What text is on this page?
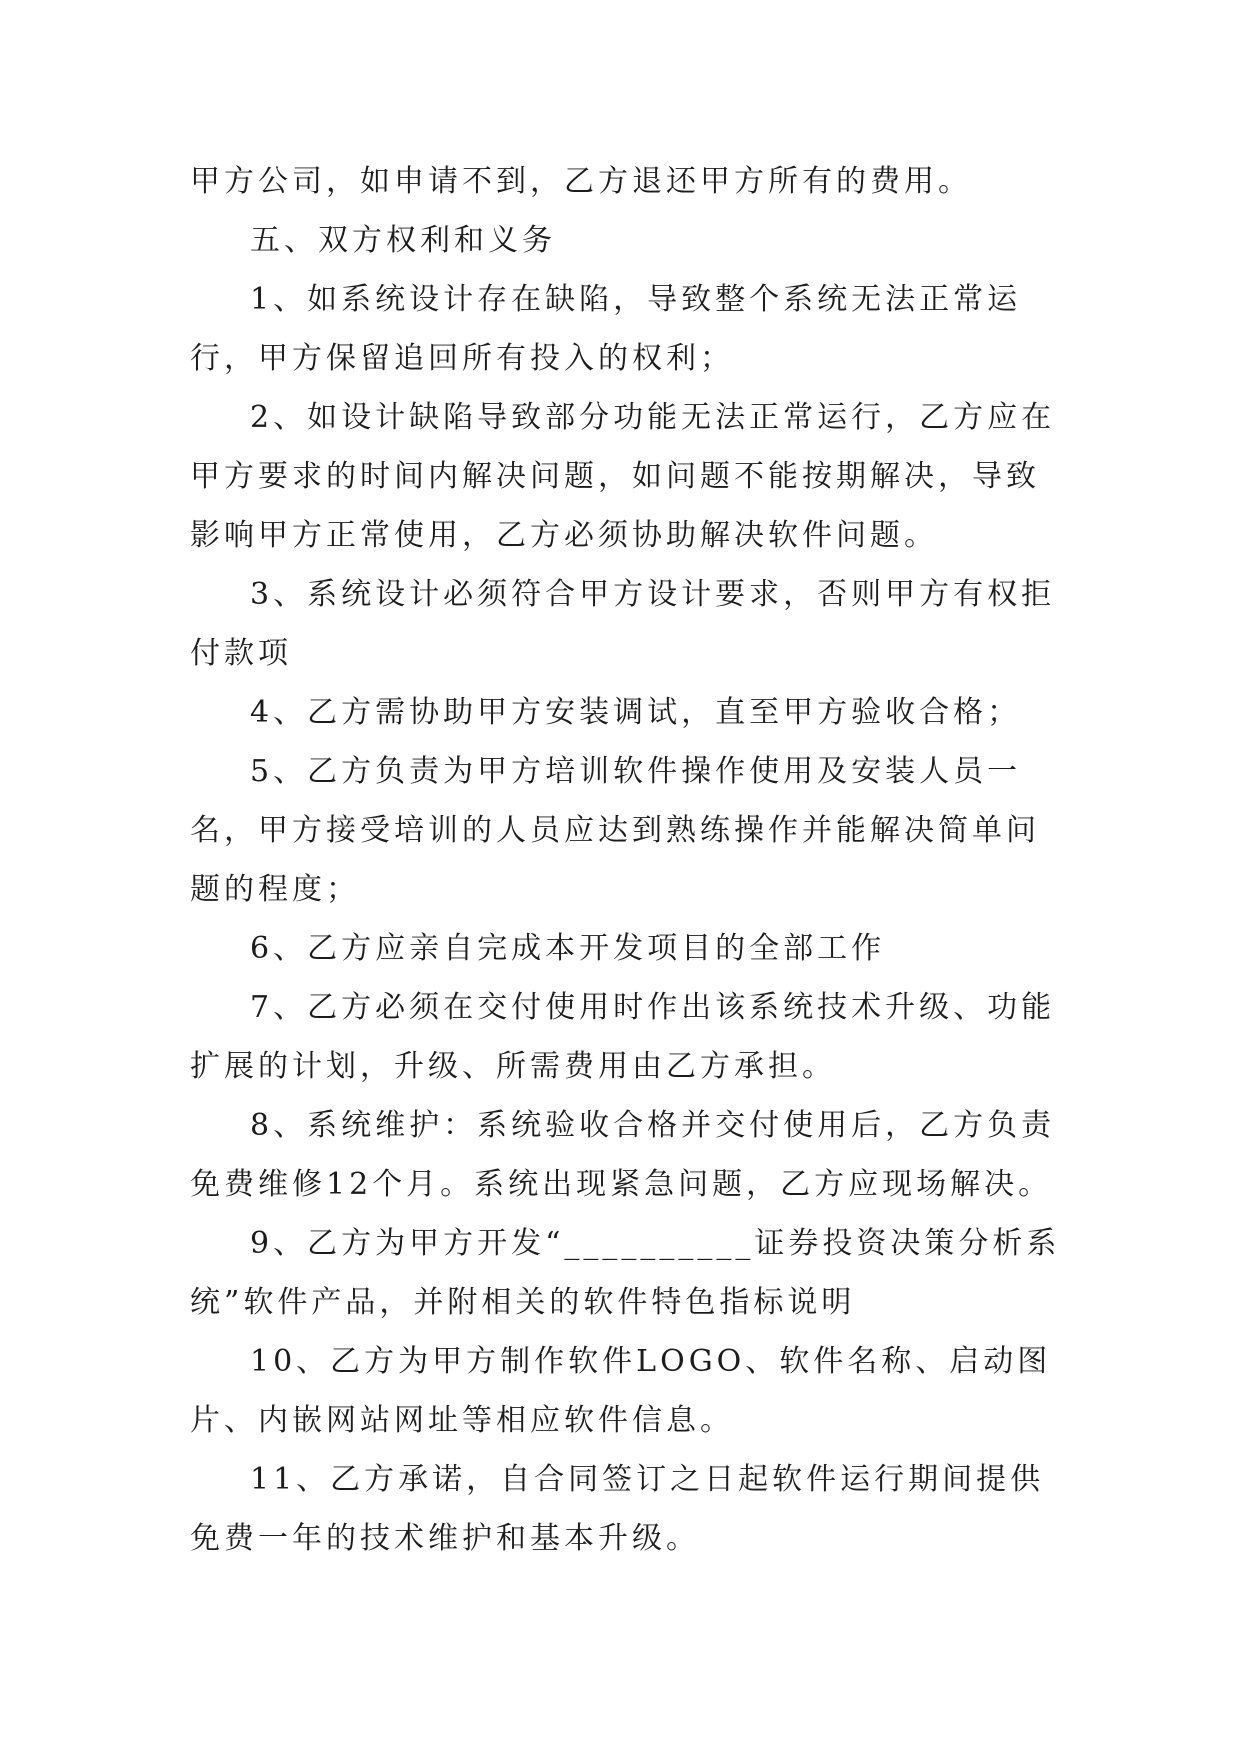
甲方公司，如申请不到，乙方退还甲方所有的费用。

五、双方权利和义务

1、如系统设计存在缺陷，导致整个系统无法正常运行，甲方保留追回所有投入的权利；

2、如设计缺陷导致部分功能无法正常运行，乙方应在甲方要求的时间内解决问题，如问题不能按期解决，导致影响甲方正常使用，乙方必须协助解决软件问题。

3、系统设计必须符合甲方设计要求，否则甲方有权拒付款项

4、乙方需协助甲方安装调试，直至甲方验收合格；

5、乙方负责为甲方培训软件操作使用及安装人员一名，甲方接受培训的人员应达到熟练操作并能解决简单问题的程度；

6、乙方应亲自完成本开发项目的全部工作

7、乙方必须在交付使用时作出该系统技术升级、功能扩展的计划，升级、所需费用由乙方承担。

8、系统维护：系统验收合格并交付使用后，乙方负责免费维修12个月。系统出现紧急问题，乙方应现场解决。

9、乙方为甲方开发“__________证券投资决策分析系统”软件产品，并附相关的软件特色指标说明

10、乙方为甲方制作软件LOGO、软件名称、启动图片、内嵌网站网址等相应软件信息。

11、乙方承诺，自合同签订之日起软件运行期间提供免费一年的技术维护和基本升级。
